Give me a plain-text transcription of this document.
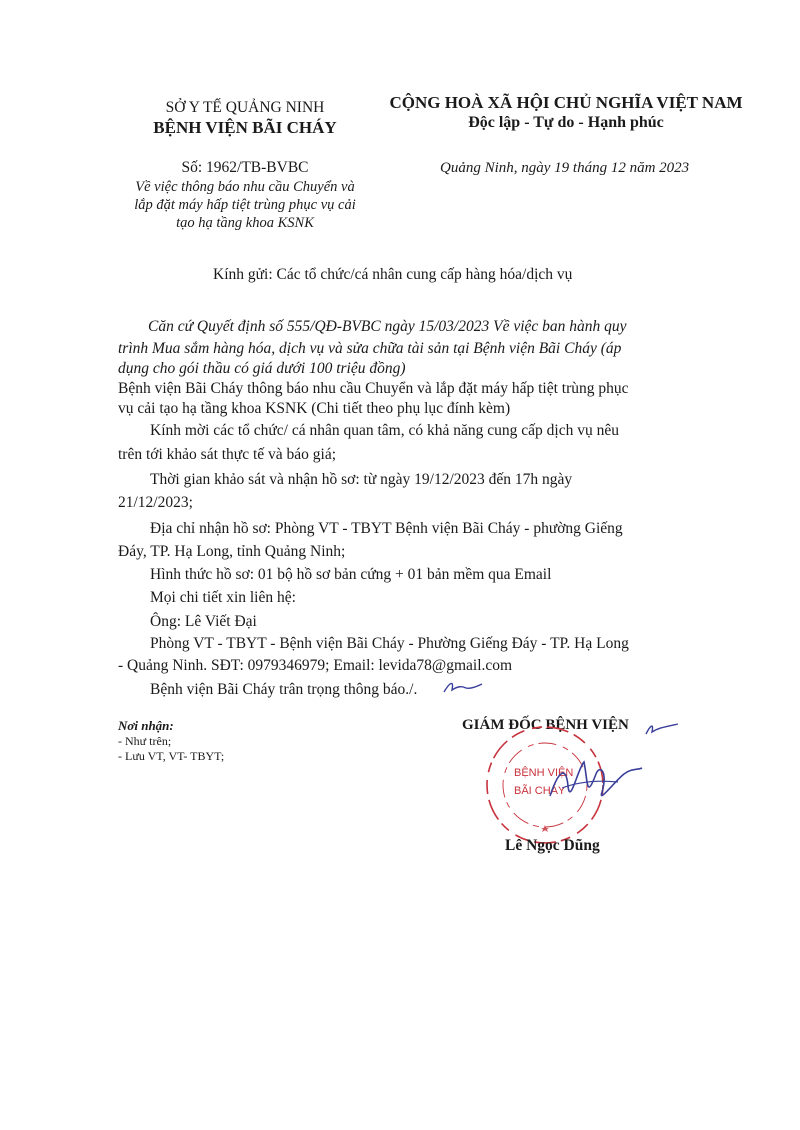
SỞ Y TẾ QUẢNG NINH
BỆNH VIỆN BÃI CHÁY
CỘNG HOÀ XÃ HỘI CHỦ NGHĨA VIỆT NAM
Độc lập - Tự do - Hạnh phúc
Số: 1962/TB-BVBC
Về việc thông báo nhu cầu Chuyển và
lắp đặt máy hấp tiệt trùng phục vụ cải
tạo hạ tầng khoa KSNK
Quảng Ninh, ngày 19 tháng 12 năm 2023
Kính gửi: Các tổ chức/cá nhân cung cấp hàng hóa/dịch vụ
Căn cứ Quyết định số 555/QĐ-BVBC ngày 15/03/2023 Về việc ban hành quy
trình Mua sắm hàng hóa, dịch vụ và sửa chữa tài sản tại Bệnh viện Bãi Cháy (áp
dụng cho gói thầu có giá dưới 100 triệu đồng)
Bệnh viện Bãi Cháy thông báo nhu cầu Chuyển và lắp đặt máy hấp tiệt trùng phục
vụ cải tạo hạ tầng khoa KSNK (Chi tiết theo phụ lục đính kèm)
Kính mời các tổ chức/ cá nhân quan tâm, có khả năng cung cấp dịch vụ nêu
trên tới khảo sát thực tế và báo giá;
Thời gian khảo sát và nhận hồ sơ: từ ngày 19/12/2023 đến 17h ngày
21/12/2023;
Địa chỉ nhận hồ sơ: Phòng VT - TBYT Bệnh viện Bãi Cháy - phường Giếng
Đáy, TP. Hạ Long, tỉnh Quảng Ninh;
Hình thức hồ sơ: 01 bộ hồ sơ bản cứng + 01 bản mềm qua Email
Mọi chi tiết xin liên hệ:
Ông: Lê Viết Đại
Phòng VT - TBYT - Bệnh viện Bãi Cháy - Phường Giếng Đáy - TP. Hạ Long
- Quảng Ninh. SĐT: 0979346979; Email: levida78@gmail.com
Bệnh viện Bãi Cháy trân trọng thông báo./.
Nơi nhận:
- Như trên;
- Lưu VT, VT- TBYT;
GIÁM ĐỐC BỆNH VIỆN
BỆNH VIỆN
BÃI CHÁY
Lê Ngọc Dũng
